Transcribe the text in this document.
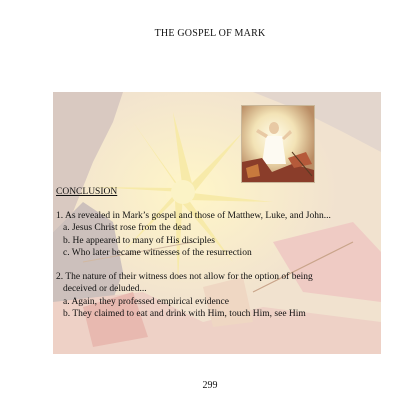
THE GOSPEL OF MARK
CONCLUSION
1. As revealed in Mark’s gospel and those of Matthew, Luke, and John...
a. Jesus Christ rose from the dead
b. He appeared to many of His disciples
c. Who later became witnesses of the resurrection
2. The nature of their witness does not allow for the option of being
deceived or deluded...
a. Again, they professed empirical evidence
b. They claimed to eat and drink with Him, touch Him, see Him
299
